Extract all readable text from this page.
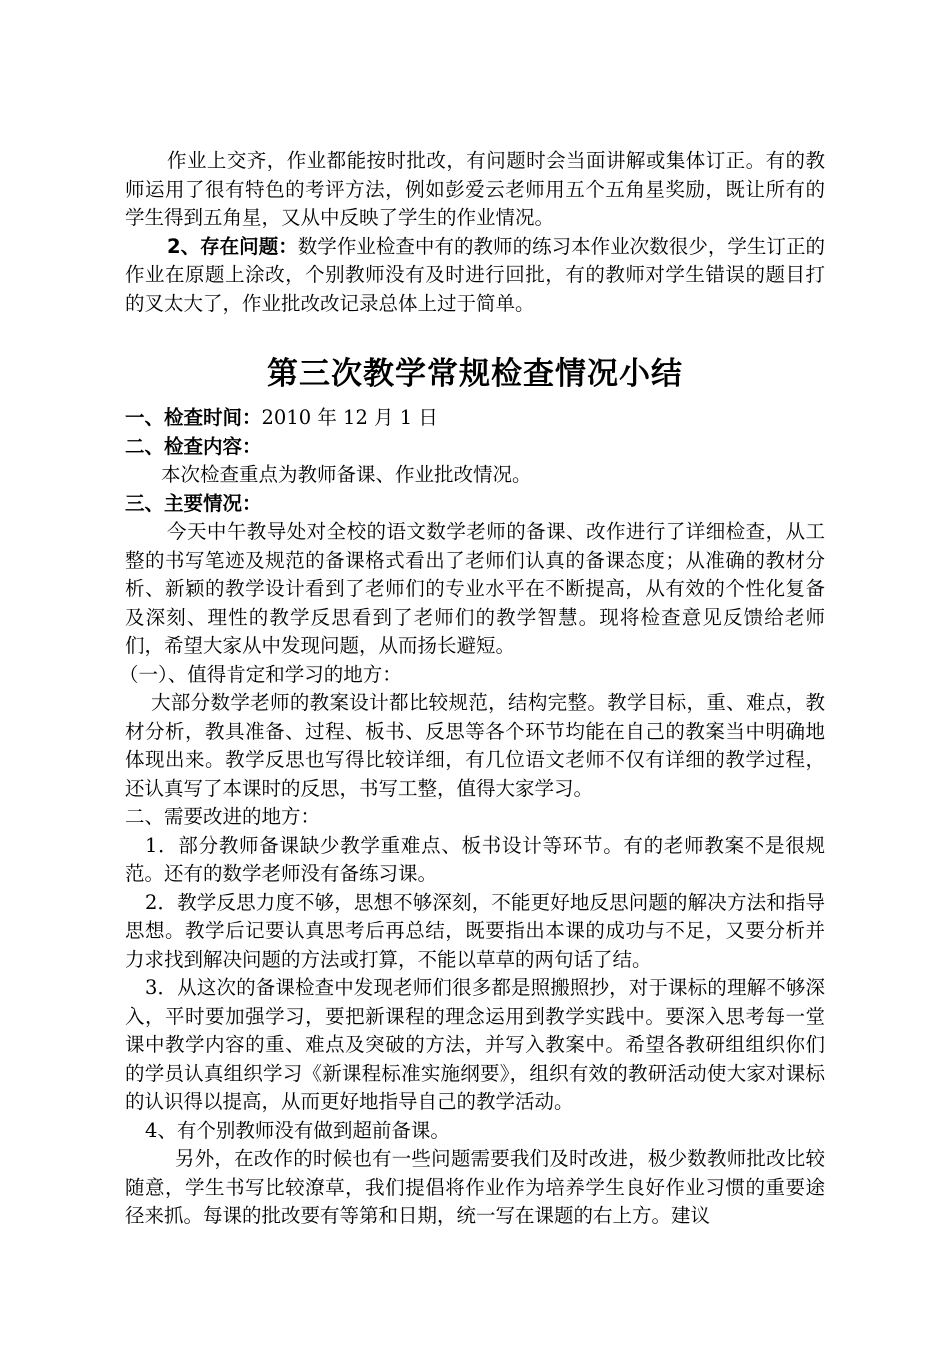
作业上交齐，作业都能按时批改，有问题时会当面讲解或集体订正。有的教师运用了很有特色的考评方法，例如彭爱云老师用五个五角星奖励，既让所有的学生得到五角星，又从中反映了学生的作业情况。

2、存在问题：数学作业检查中有的教师的练习本作业次数很少，学生订正的作业在原题上涂改，个别教师没有及时进行回批，有的教师对学生错误的题目打的叉太大了，作业批改改记录总体上过于简单。

第三次教学常规检查情况小结

一、检查时间：2010 年 12 月 1 日

二、检查内容：

本次检查重点为教师备课、作业批改情况。

三、主要情况：

今天中午教导处对全校的语文数学老师的备课、改作进行了详细检查，从工整的书写笔迹及规范的备课格式看出了老师们认真的备课态度；从准确的教材分析、新颖的教学设计看到了老师们的专业水平在不断提高，从有效的个性化复备及深刻、理性的教学反思看到了老师们的教学智慧。现将检查意见反馈给老师们，希望大家从中发现问题，从而扬长避短。

（一）、值得肯定和学习的地方：

大部分数学老师的教案设计都比较规范，结构完整。教学目标，重、难点，教材分析，教具准备、过程、板书、反思等各个环节均能在自己的教案当中明确地体现出来。教学反思也写得比较详细，有几位语文老师不仅有详细的教学过程，还认真写了本课时的反思，书写工整，值得大家学习。

二、需要改进的地方：

1．部分教师备课缺少教学重难点、板书设计等环节。有的老师教案不是很规范。还有的数学老师没有备练习课。

2．教学反思力度不够，思想不够深刻，不能更好地反思问题的解决方法和指导思想。教学后记要认真思考后再总结，既要指出本课的成功与不足，又要分析并力求找到解决问题的方法或打算，不能以草草的两句话了结。

3．从这次的备课检查中发现老师们很多都是照搬照抄，对于课标的理解不够深入，平时要加强学习，要把新课程的理念运用到教学实践中。要深入思考每一堂课中教学内容的重、难点及突破的方法，并写入教案中。希望各教研组组织你们的学员认真组织学习《新课程标准实施纲要》，组织有效的教研活动使大家对课标的认识得以提高，从而更好地指导自己的教学活动。

4、有个别教师没有做到超前备课。

另外，在改作的时候也有一些问题需要我们及时改进，极少数教师批改比较随意，学生书写比较潦草，我们提倡将作业作为培养学生良好作业习惯的重要途径来抓。每课的批改要有等第和日期，统一写在课题的右上方。建议
